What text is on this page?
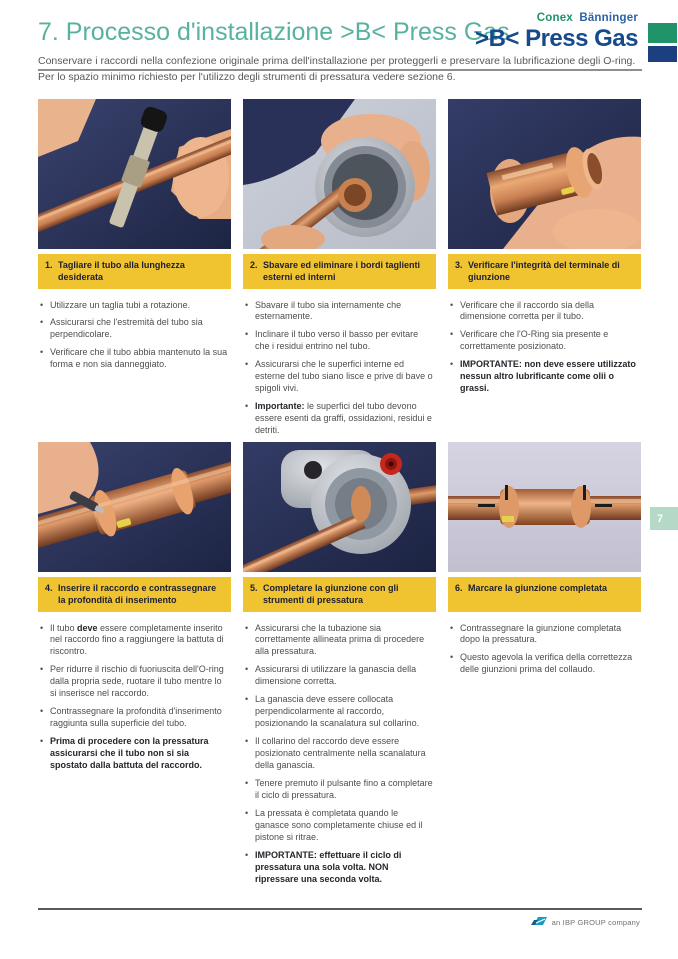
Conex Bänninger
>B< Press Gas
7. Processo d'installazione >B< Press Gas
Conservare i raccordi nella confezione originale prima dell'installazione per proteggerli e preservare la lubrificazione degli O-ring. Per lo spazio minimo richiesto per l'utilizzo degli strumenti di pressatura vedere sezione 6.
1. Tagliare il tubo alla lunghezza desiderata
• Utilizzare un taglia tubi a rotazione.
• Assicurarsi che l'estremità del tubo sia perpendicolare.
• Verificare che il tubo abbia mantenuto la sua forma e non sia danneggiato.
2. Sbavare ed eliminare i bordi taglienti esterni ed interni
• Sbavare il tubo sia internamente che esternamente.
• Inclinare il tubo verso il basso per evitare che i residui entrino nel tubo.
• Assicurarsi che le superfici interne ed esterne del tubo siano lisce e prive di bave o spigoli vivi.
• Importante: le superfici del tubo devono essere esenti da graffi, ossidazioni, residui e detriti.
3. Verificare l'integrità del terminale di giunzione
• Verificare che il raccordo sia della dimensione corretta per il tubo.
• Verificare che l'O-Ring sia presente e correttamente posizionato.
• IMPORTANTE: non deve essere utilizzato nessun altro lubrificante come olii o grassi.
4. Inserire il raccordo e contrassegnare la profondità di inserimento
• Il tubo deve essere completamente inserito nel raccordo fino a raggiungere la battuta di riscontro.
• Per ridurre il rischio di fuoriuscita dell'O-ring dalla propria sede, ruotare il tubo mentre lo si inserisce nel raccordo.
• Contrassegnare la profondità d'inserimento raggiunta sulla superficie del tubo.
• Prima di procedere con la pressatura assicurarsi che il tubo non si sia spostato dalla battuta del raccordo.
5. Completare la giunzione con gli strumenti di pressatura
• Assicurarsi che la tubazione sia correttamente allineata prima di procedere alla pressatura.
• Assicurarsi di utilizzare la ganascia della dimensione corretta.
• La ganascia deve essere collocata perpendicolarmente al raccordo, posizionando la scanalatura sul collarino.
• Il collarino del raccordo deve essere posizionato centralmente nella scanalatura della ganascia.
• Tenere premuto il pulsante fino a completare il ciclo di pressatura.
• La pressata è completata quando le ganasce sono completamente chiuse ed il pistone si ritrae.
• IMPORTANTE: effettuare il ciclo di pressatura una sola volta. NON ripressare una seconda volta.
6. Marcare la giunzione completata
• Contrassegnare la giunzione completata dopo la pressatura.
• Questo agevola la verifica della correttezza delle giunzioni prima del collaudo.
7
an IBP GROUP company
